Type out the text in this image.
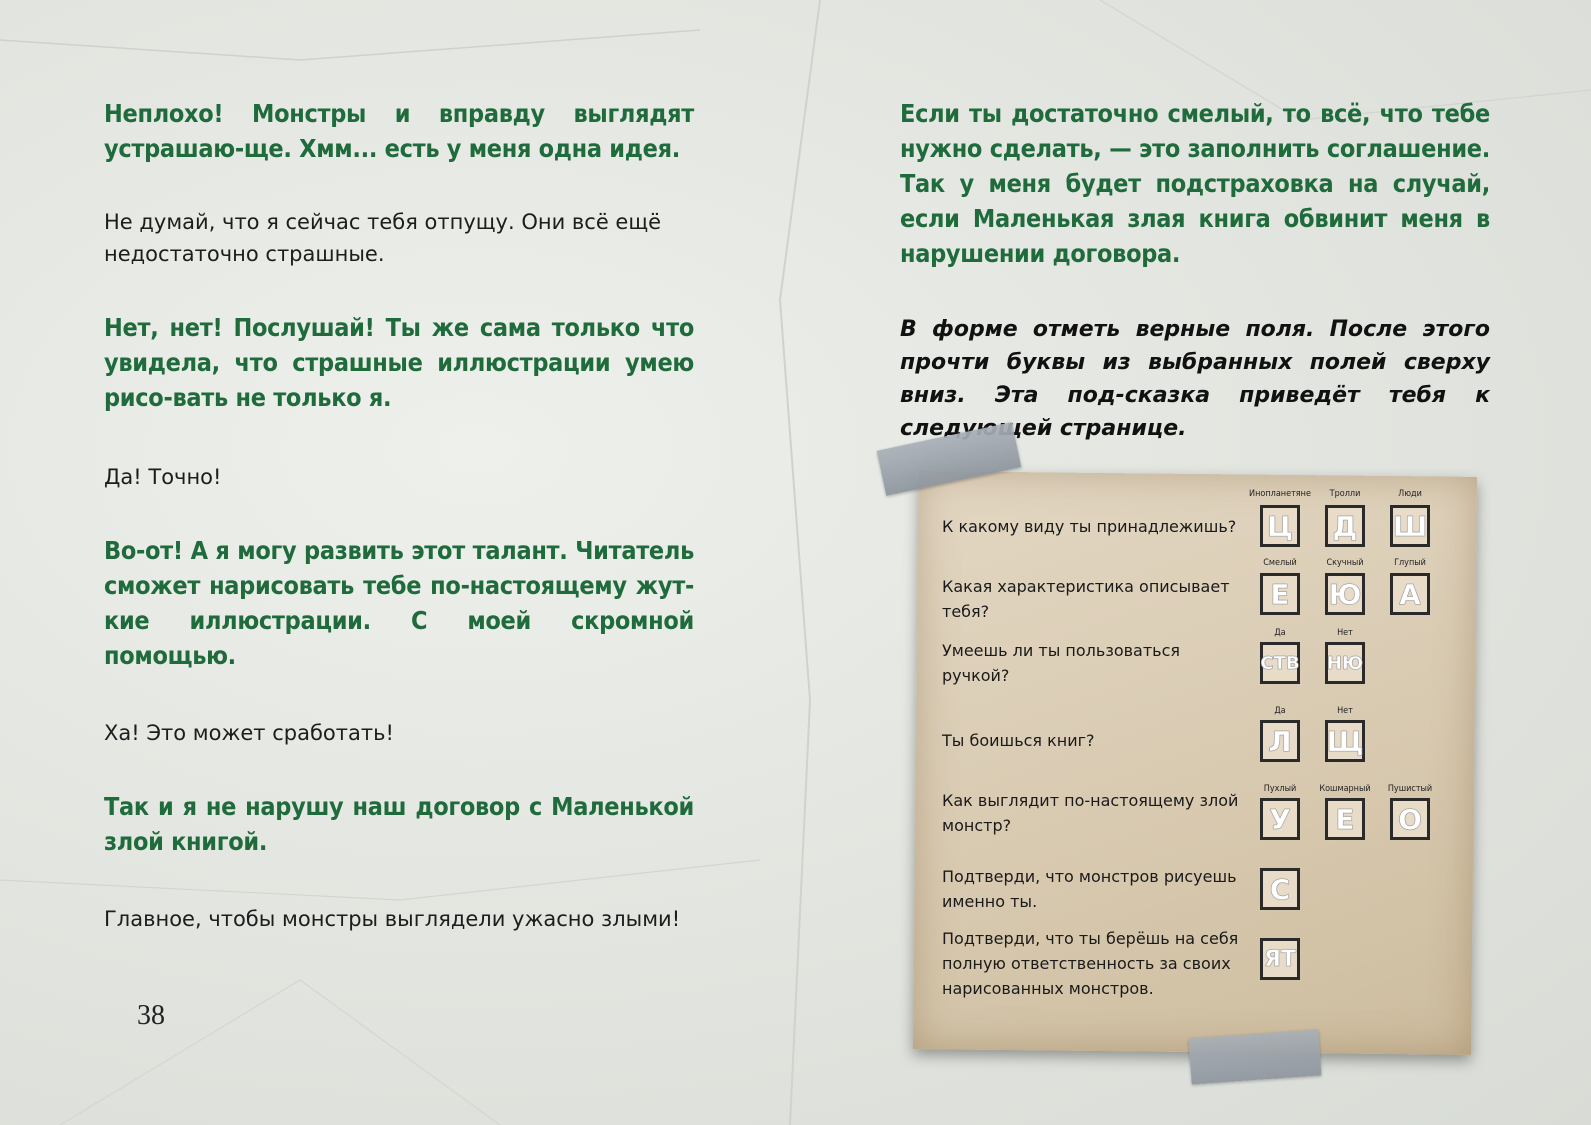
Неплохо! Монстры и вправду выглядят устрашаю-ще. Хмм... есть у меня одна идея.

Не думай, что я сейчас тебя отпущу. Они всё ещё недостаточно страшные.

Нет, нет! Послушай! Ты же сама только что увидела, что страшные иллюстрации умею рисо-вать не только я.

Да! Точно!

Во-от! А я могу развить этот талант. Читатель сможет нарисовать тебе по-настоящему жут-кие иллюстрации. С моей скромной помощью.

Ха! Это может сработать!

Так и я не нарушу наш договор с Маленькой злой книгой.

Главное, чтобы монстры выглядели ужасно злыми!

38

Если ты достаточно смелый, то всё, что тебе нужно сделать, — это заполнить соглашение. Так у меня будет подстраховка на случай, если Маленькая злая книга обвинит меня в нарушении договора.

В форме отметь верные поля. После этого прочти буквы из выбранных полей сверху вниз. Эта под-сказка приведёт тебя к следующей странице.

К какому виду ты принадлежишь?
Инопланетяне	Тролли	Люди
Ц Д Ш
Какая характеристика описывает тебя?
Смелый	Скучный	Глупый
Е Ю А
Умеешь ли ты пользоваться ручкой?
Да	Нет
СТВ НЮ
Ты боишься книг?
Да	Нет
Л Щ
Как выглядит по-настоящему злой монстр?
Пухлый	Кошмарный	Пушистый
У Е О
Подтверди, что монстров рисуешь именно ты.	С
Подтверди, что ты берёшь на себя полную ответственность за своих нарисованных монстров.
ЯТ
